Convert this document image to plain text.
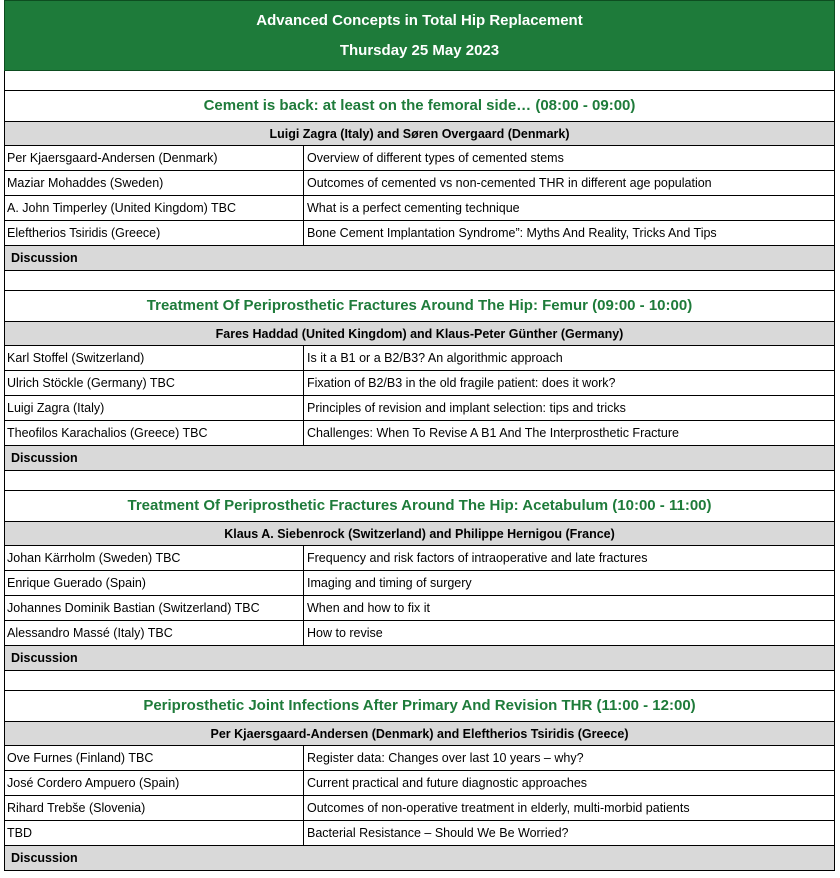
Advanced Concepts in Total Hip Replacement
Thursday 25 May 2023
Cement is back: at least on the femoral side… (08:00 - 09:00)
Luigi Zagra (Italy) and Søren Overgaard (Denmark)
Per Kjaersgaard-Andersen (Denmark)	Overview of different types of cemented stems
Maziar Mohaddes (Sweden)	Outcomes of cemented vs non-cemented THR in different age population
A. John Timperley (United Kingdom) TBC	What is a perfect cementing technique
Eleftherios Tsiridis (Greece)	Bone Cement Implantation Syndrome”: Myths And Reality, Tricks And Tips
Discussion
Treatment Of Periprosthetic Fractures Around The Hip: Femur (09:00 - 10:00)
Fares Haddad (United Kingdom) and Klaus-Peter Günther (Germany)
Karl Stoffel (Switzerland)	Is it a B1 or a B2/B3? An algorithmic approach
Ulrich Stöckle (Germany) TBC	Fixation of B2/B3 in the old fragile patient: does it work?
Luigi Zagra (Italy)	Principles of revision and implant selection: tips and tricks
Theofilos Karachalios (Greece) TBC	Challenges: When To Revise A B1 And The Interprosthetic Fracture
Discussion
Treatment Of Periprosthetic Fractures Around The Hip: Acetabulum (10:00 - 11:00)
Klaus A. Siebenrock (Switzerland) and Philippe Hernigou (France)
Johan Kärrholm (Sweden) TBC	Frequency and risk factors of intraoperative and late fractures
Enrique Guerado (Spain)	Imaging and timing of surgery
Johannes Dominik Bastian (Switzerland) TBC	When and how to fix it
Alessandro Massé (Italy) TBC	How to revise
Discussion
Periprosthetic Joint Infections After Primary And Revision THR (11:00 - 12:00)
Per Kjaersgaard-Andersen (Denmark) and Eleftherios Tsiridis (Greece)
Ove Furnes (Finland) TBC	Register data: Changes over last 10 years – why?
José Cordero Ampuero (Spain)	Current practical and future diagnostic approaches
Rihard Trebše (Slovenia)	Outcomes of non-operative treatment in elderly, multi-morbid patients
TBD	Bacterial Resistance – Should We Be Worried?
Discussion
